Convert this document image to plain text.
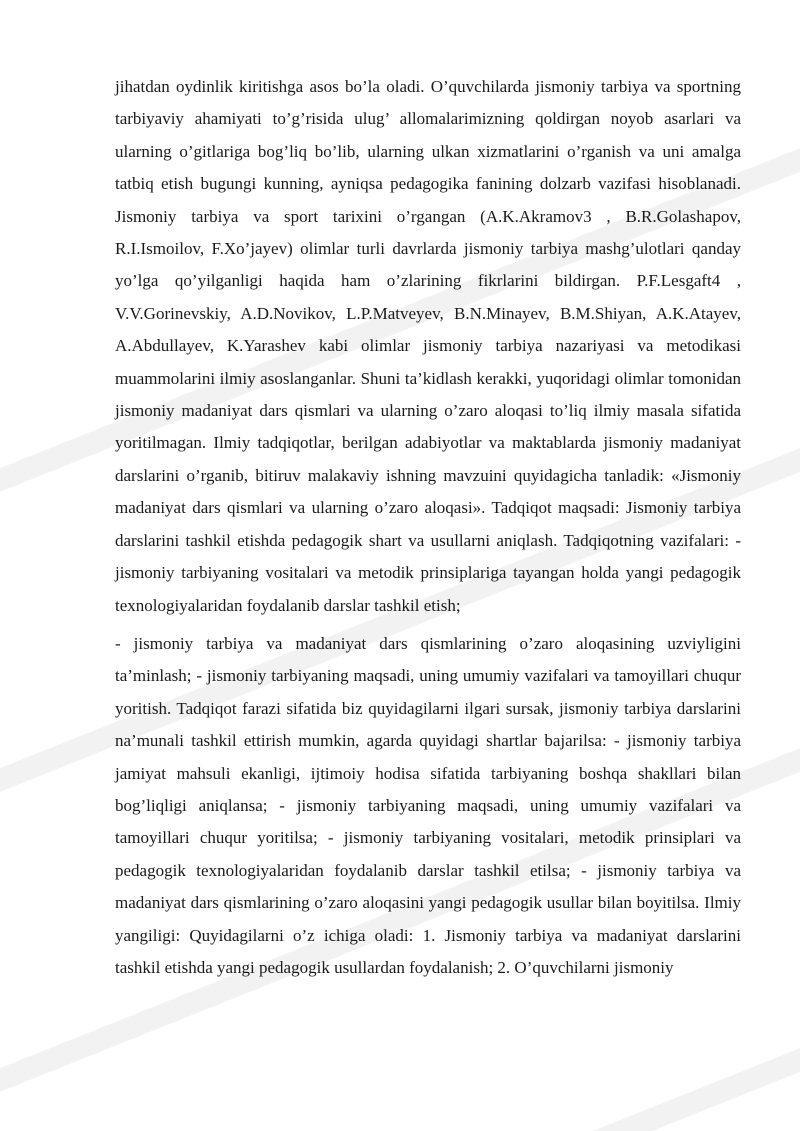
jihatdan oydinlik kiritishga asos bo’la oladi. O’quvchilarda jismoniy tarbiya va sportning tarbiyaviy ahamiyati to’g’risida ulug’ allomalarimizning qoldirgan noyob asarlari va ularning o’gitlariga bog’liq bo’lib, ularning ulkan xizmatlarini o’rganish va uni amalga tatbiq etish bugungi kunning, ayniqsa pedagogika fanining dolzarb vazifasi hisoblanadi. Jismoniy tarbiya va sport tarixini o’rgangan (A.K.Akramov3 , B.R.Golashapov, R.I.Ismoilov, F.Xo’jayev) olimlar turli davrlarda jismoniy tarbiya mashg’ulotlari qanday yo’lga qo’yilganligi haqida ham o’zlarining fikrlarini bildirgan. P.F.Lesgaft4 , V.V.Gorinevskiy, A.D.Novikov, L.P.Matveyev, B.N.Minayev, B.M.Shiyan, A.K.Atayev, A.Abdullayev, K.Yarashev kabi olimlar jismoniy tarbiya nazariyasi va metodikasi muammolarini ilmiy asoslanganlar. Shuni ta’kidlash kerakki, yuqoridagi olimlar tomonidan jismoniy madaniyat dars qismlari va ularning o’zaro aloqasi to’liq ilmiy masala sifatida yoritilmagan. Ilmiy tadqiqotlar, berilgan adabiyotlar va maktablarda jismoniy madaniyat darslarini o’rganib, bitiruv malakaviy ishning mavzuini quyidagicha tanladik: «Jismoniy madaniyat dars qismlari va ularning o’zaro aloqasi». Tadqiqot maqsadi: Jismoniy tarbiya darslarini tashkil etishda pedagogik shart va usullarni aniqlash. Tadqiqotning vazifalari: - jismoniy tarbiyaning vositalari va metodik prinsiplariga tayangan holda yangi pedagogik texnologiyalaridan foydalanib darslar tashkil etish;

- jismoniy tarbiya va madaniyat dars qismlarining o’zaro aloqasining uzviyligini ta’minlash; - jismoniy tarbiyaning maqsadi, uning umumiy vazifalari va tamoyillari chuqur yoritish. Tadqiqot farazi sifatida biz quyidagilarni ilgari sursak, jismoniy tarbiya darslarini na’munali tashkil ettirish mumkin, agarda quyidagi shartlar bajarilsa: - jismoniy tarbiya jamiyat mahsuli ekanligi, ijtimoiy hodisa sifatida tarbiyaning boshqa shakllari bilan bog’liqligi aniqlansa; - jismoniy tarbiyaning maqsadi, uning umumiy vazifalari va tamoyillari chuqur yoritilsa; - jismoniy tarbiyaning vositalari, metodik prinsiplari va pedagogik texnologiyalaridan foydalanib darslar tashkil etilsa; - jismoniy tarbiya va madaniyat dars qismlarining o’zaro aloqasini yangi pedagogik usullar bilan boyitilsa. Ilmiy yangiligi: Quyidagilarni o’z ichiga oladi: 1. Jismoniy tarbiya va madaniyat darslarini tashkil etishda yangi pedagogik usullardan foydalanish; 2. O’quvchilarni jismoniy
